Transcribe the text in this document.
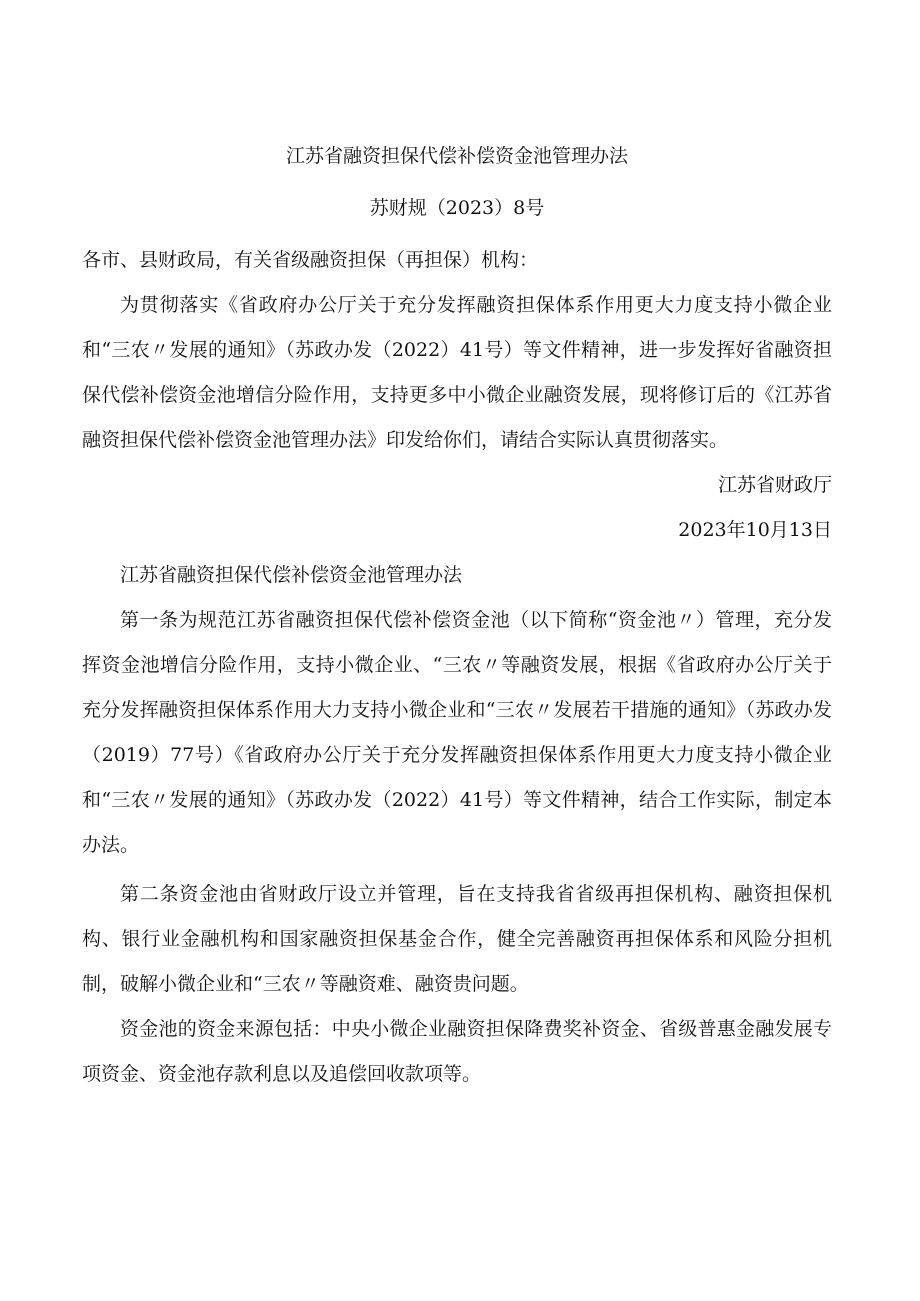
江苏省融资担保代偿补偿资金池管理办法

苏财规（2023）8号

各市、县财政局，有关省级融资担保（再担保）机构：

为贯彻落实《省政府办公厅关于充分发挥融资担保体系作用更大力度支持小微企业和“三农〃发展的通知》（苏政办发（2022）41号）等文件精神，进一步发挥好省融资担保代偿补偿资金池增信分险作用，支持更多中小微企业融资发展，现将修订后的《江苏省融资担保代偿补偿资金池管理办法》印发给你们，请结合实际认真贯彻落实。

江苏省财政厅

2023年10月13日

江苏省融资担保代偿补偿资金池管理办法

第一条为规范江苏省融资担保代偿补偿资金池（以下简称“资金池〃）管理，充分发挥资金池增信分险作用，支持小微企业、“三农〃等融资发展，根据《省政府办公厅关于充分发挥融资担保体系作用大力支持小微企业和“三农〃发展若干措施的通知》（苏政办发（2019）77号）《省政府办公厅关于充分发挥融资担保体系作用更大力度支持小微企业和“三农〃发展的通知》（苏政办发（2022）41号）等文件精神，结合工作实际，制定本办法。

第二条资金池由省财政厅设立并管理，旨在支持我省省级再担保机构、融资担保机构、银行业金融机构和国家融资担保基金合作，健全完善融资再担保体系和风险分担机制，破解小微企业和“三农〃等融资难、融资贵问题。

资金池的资金来源包括：中央小微企业融资担保降费奖补资金、省级普惠金融发展专项资金、资金池存款利息以及追偿回收款项等。
